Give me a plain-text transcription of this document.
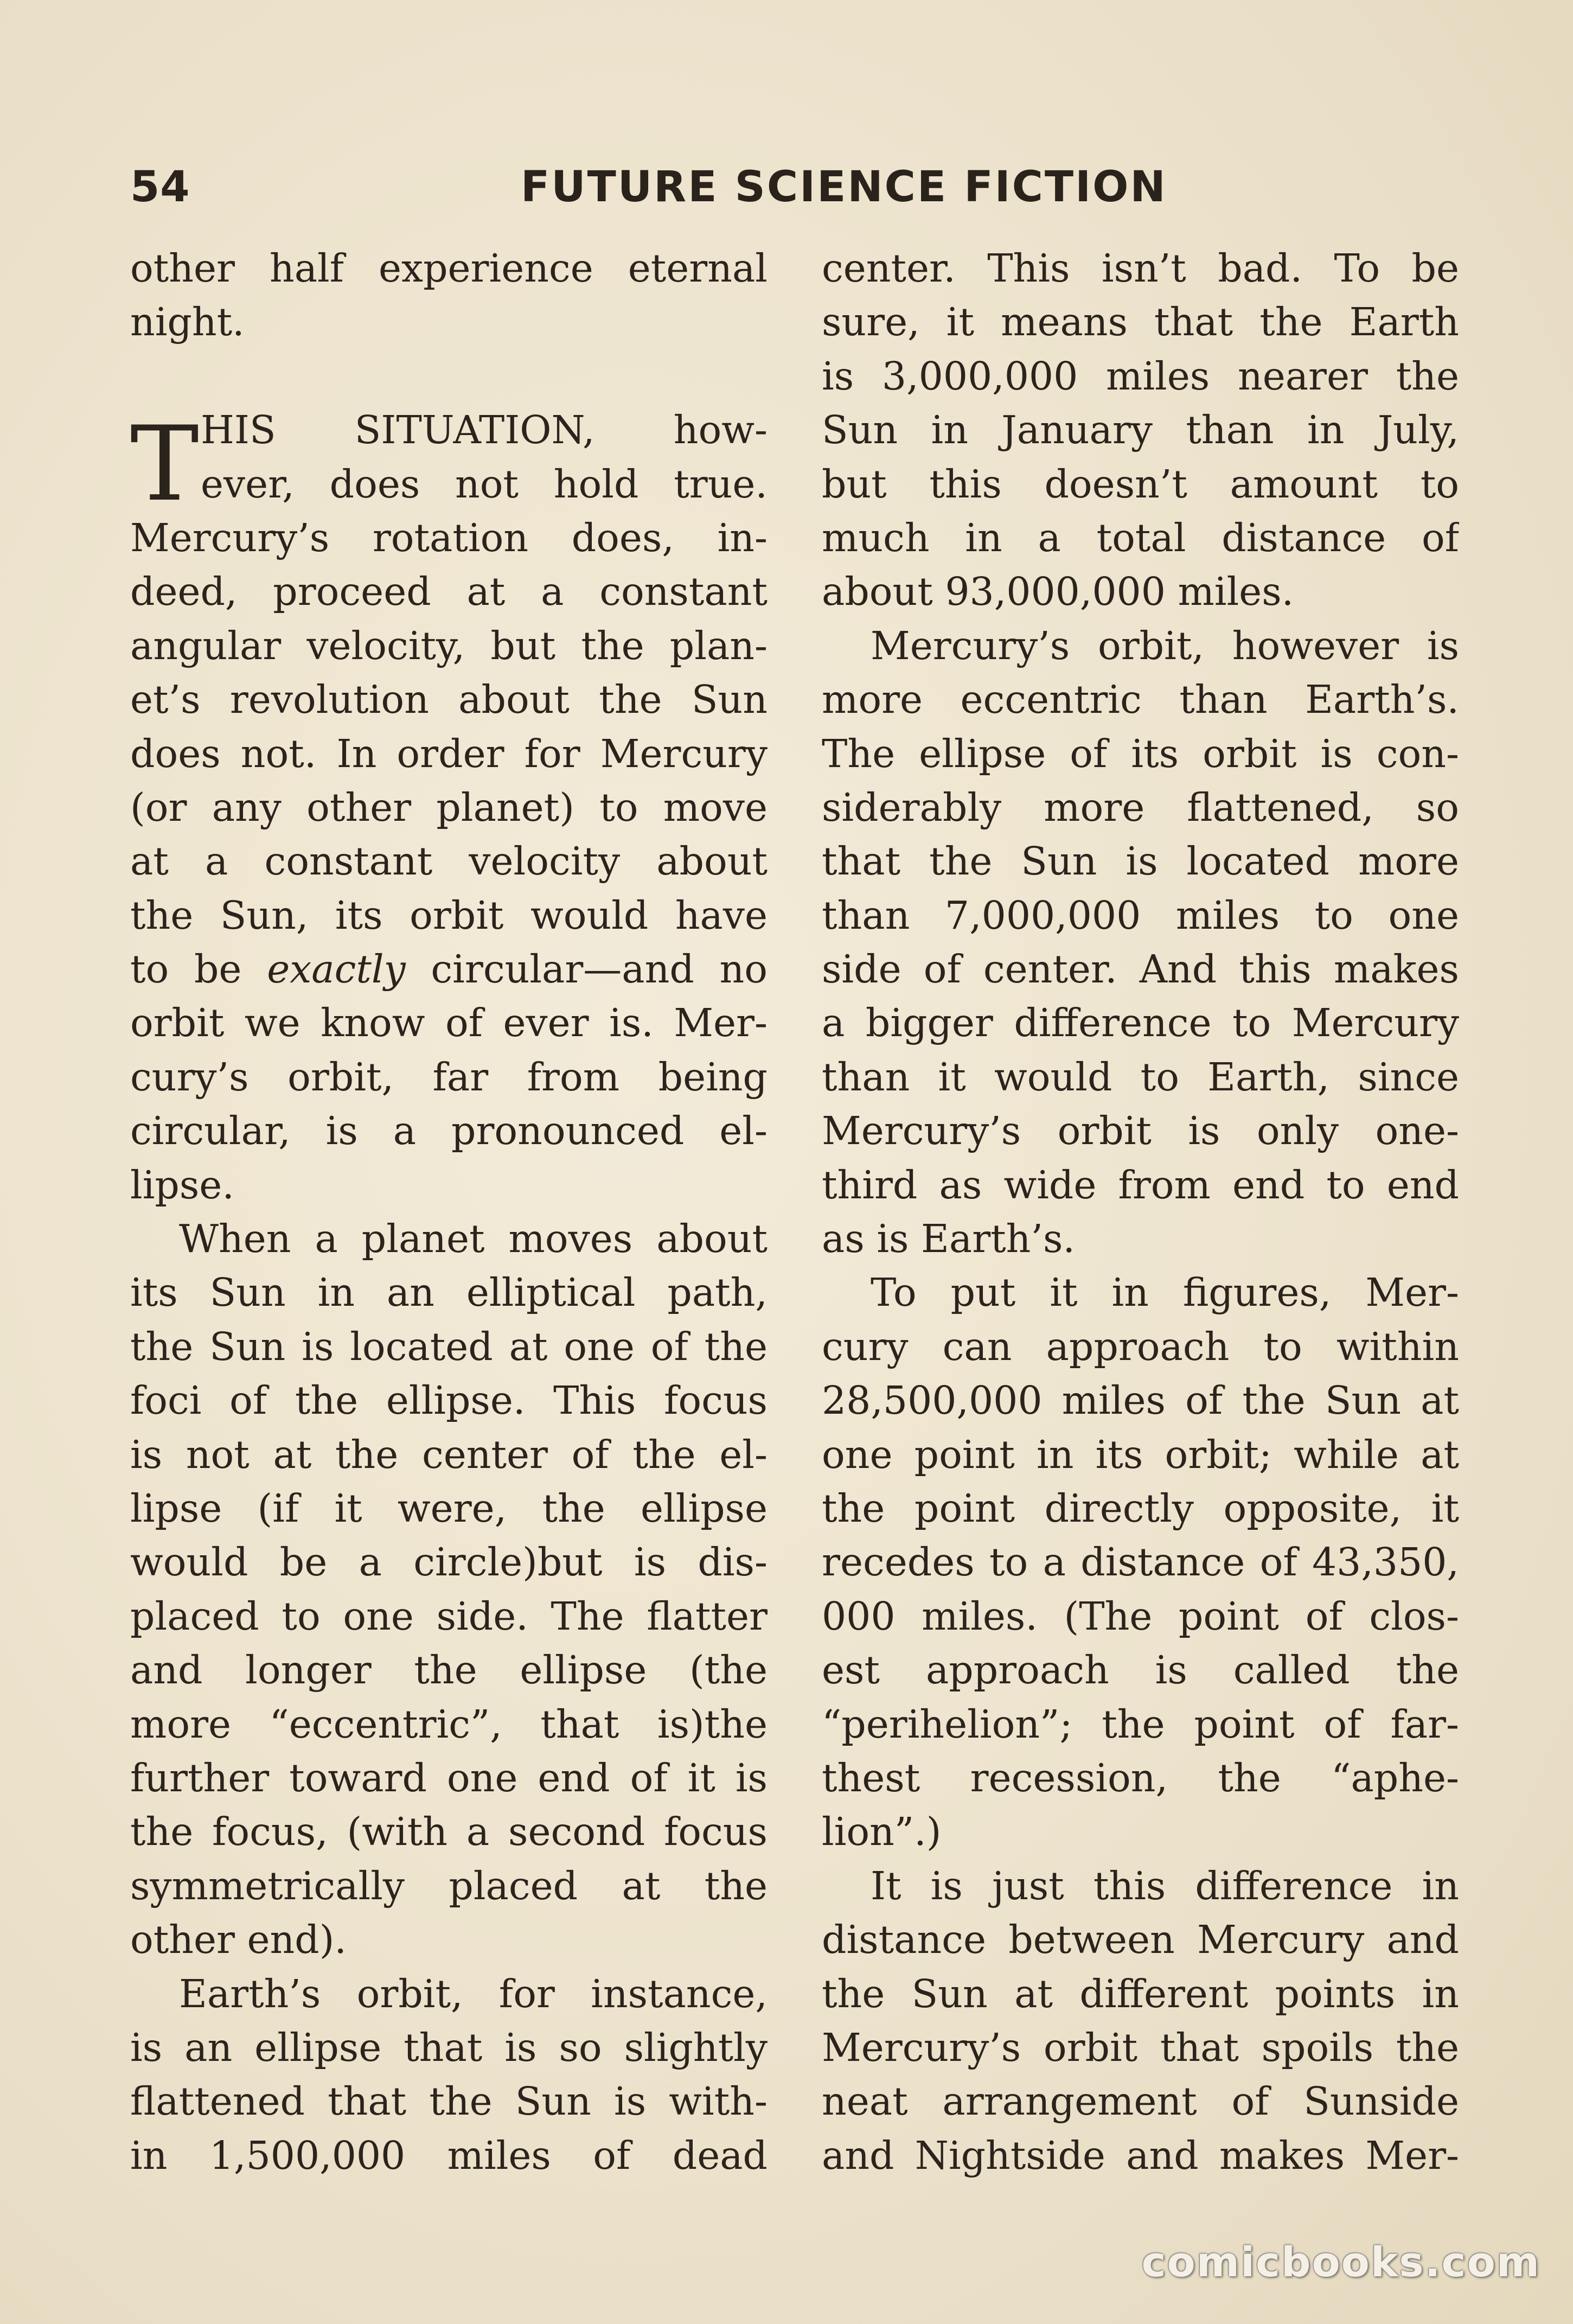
54	FUTURE SCIENCE FICTION
other half experience eternal
night.
T HIS SITUATION, how-
ever, does not hold true.
Mercury’s rotation does, in-
deed, proceed at a constant
angular velocity, but the plan-
et’s revolution about the Sun
does not. In order for Mercury
(or any other planet) to move
at a constant velocity about
the Sun, its orbit would have
to be exactly circular—and no
orbit we know of ever is. Mer-
cury’s orbit, far from being
circular, is a pronounced el-
lipse.
When a planet moves about
its Sun in an elliptical path,
the Sun is located at one of the
foci of the ellipse. This focus
is not at the center of the el-
lipse (if it were, the ellipse
would be a circle)but is dis-
placed to one side. The flatter
and longer the ellipse (the
more “eccentric”, that is)the
further toward one end of it is
the focus, (with a second focus
symmetrically placed at the
other end).
Earth’s orbit, for instance,
is an ellipse that is so slightly
flattened that the Sun is with-
in 1,500,000 miles of dead
center. This isn’t bad. To be
sure, it means that the Earth
is 3,000,000 miles nearer the
Sun in January than in July,
but this doesn’t amount to
much in a total distance of
about 93,000,000 miles.
Mercury’s orbit, however is
more eccentric than Earth’s.
The ellipse of its orbit is con-
siderably more flattened, so
that the Sun is located more
than 7,000,000 miles to one
side of center. And this makes
a bigger difference to Mercury
than it would to Earth, since
Mercury’s orbit is only one-
third as wide from end to end
as is Earth’s.
To put it in figures, Mer-
cury can approach to within
28,500,000 miles of the Sun at
one point in its orbit; while at
the point directly opposite, it
recedes to a distance of 43,350,
000 miles. (The point of clos-
est approach is called the
“perihelion”; the point of far-
thest recession, the “aphe-
lion”.)
It is just this difference in
distance between Mercury and
the Sun at different points in
Mercury’s orbit that spoils the
neat arrangement of Sunside
and Nightside and makes Mer-
comicbooks.com
